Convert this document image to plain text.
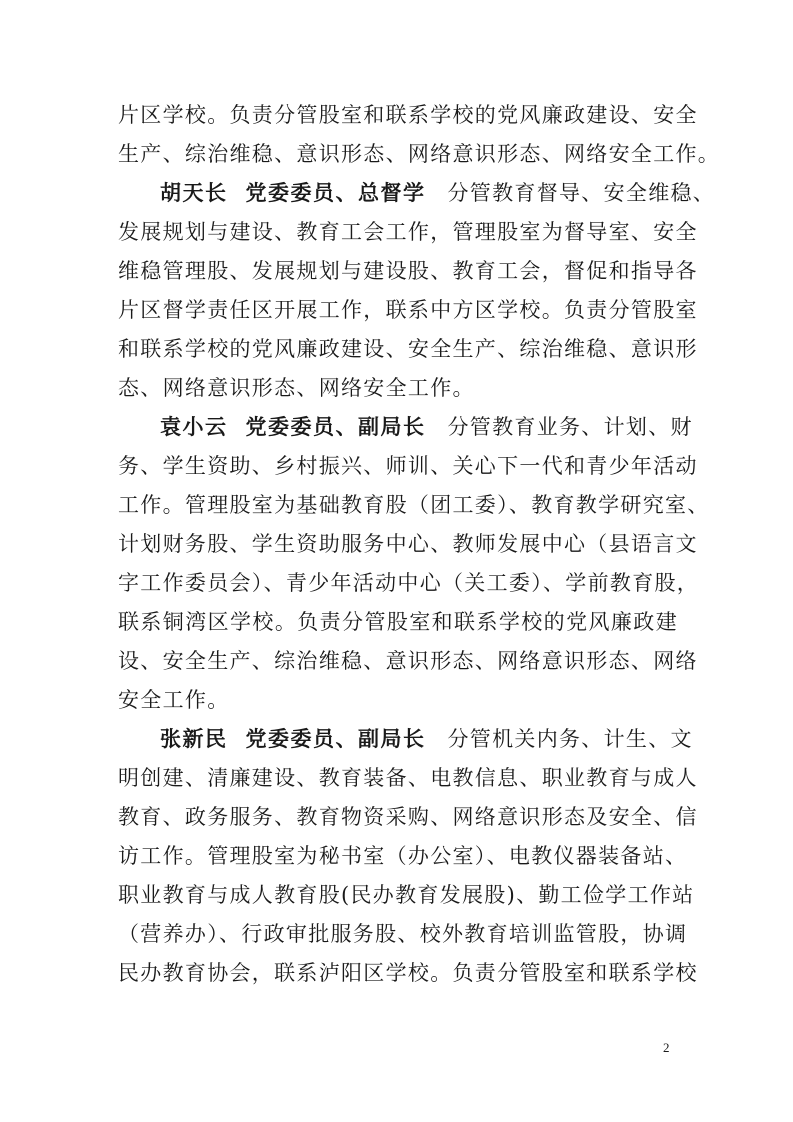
片区学校。负责分管股室和联系学校的党风廉政建设、安全
生产、综治维稳、意识形态、网络意识形态、网络安全工作。
胡天长 党委委员、总督学 分管教育督导、安全维稳、
发展规划与建设、教育工会工作，管理股室为督导室、安全
维稳管理股、发展规划与建设股、教育工会，督促和指导各
片区督学责任区开展工作，联系中方区学校。负责分管股室
和联系学校的党风廉政建设、安全生产、综治维稳、意识形
态、网络意识形态、网络安全工作。
袁小云 党委委员、副局长 分管教育业务、计划、财
务、学生资助、乡村振兴、师训、关心下一代和青少年活动
工作。管理股室为基础教育股（团工委）、教育教学研究室、
计划财务股、学生资助服务中心、教师发展中心（县语言文
字工作委员会）、青少年活动中心（关工委）、学前教育股，
联系铜湾区学校。负责分管股室和联系学校的党风廉政建
设、安全生产、综治维稳、意识形态、网络意识形态、网络
安全工作。
张新民 党委委员、副局长 分管机关内务、计生、文
明创建、清廉建设、教育装备、电教信息、职业教育与成人
教育、政务服务、教育物资采购、网络意识形态及安全、信
访工作。管理股室为秘书室（办公室）、电教仪器装备站、
职业教育与成人教育股(民办教育发展股)、勤工俭学工作站
（营养办）、行政审批服务股、校外教育培训监管股，协调
民办教育协会，联系泸阳区学校。负责分管股室和联系学校
2
